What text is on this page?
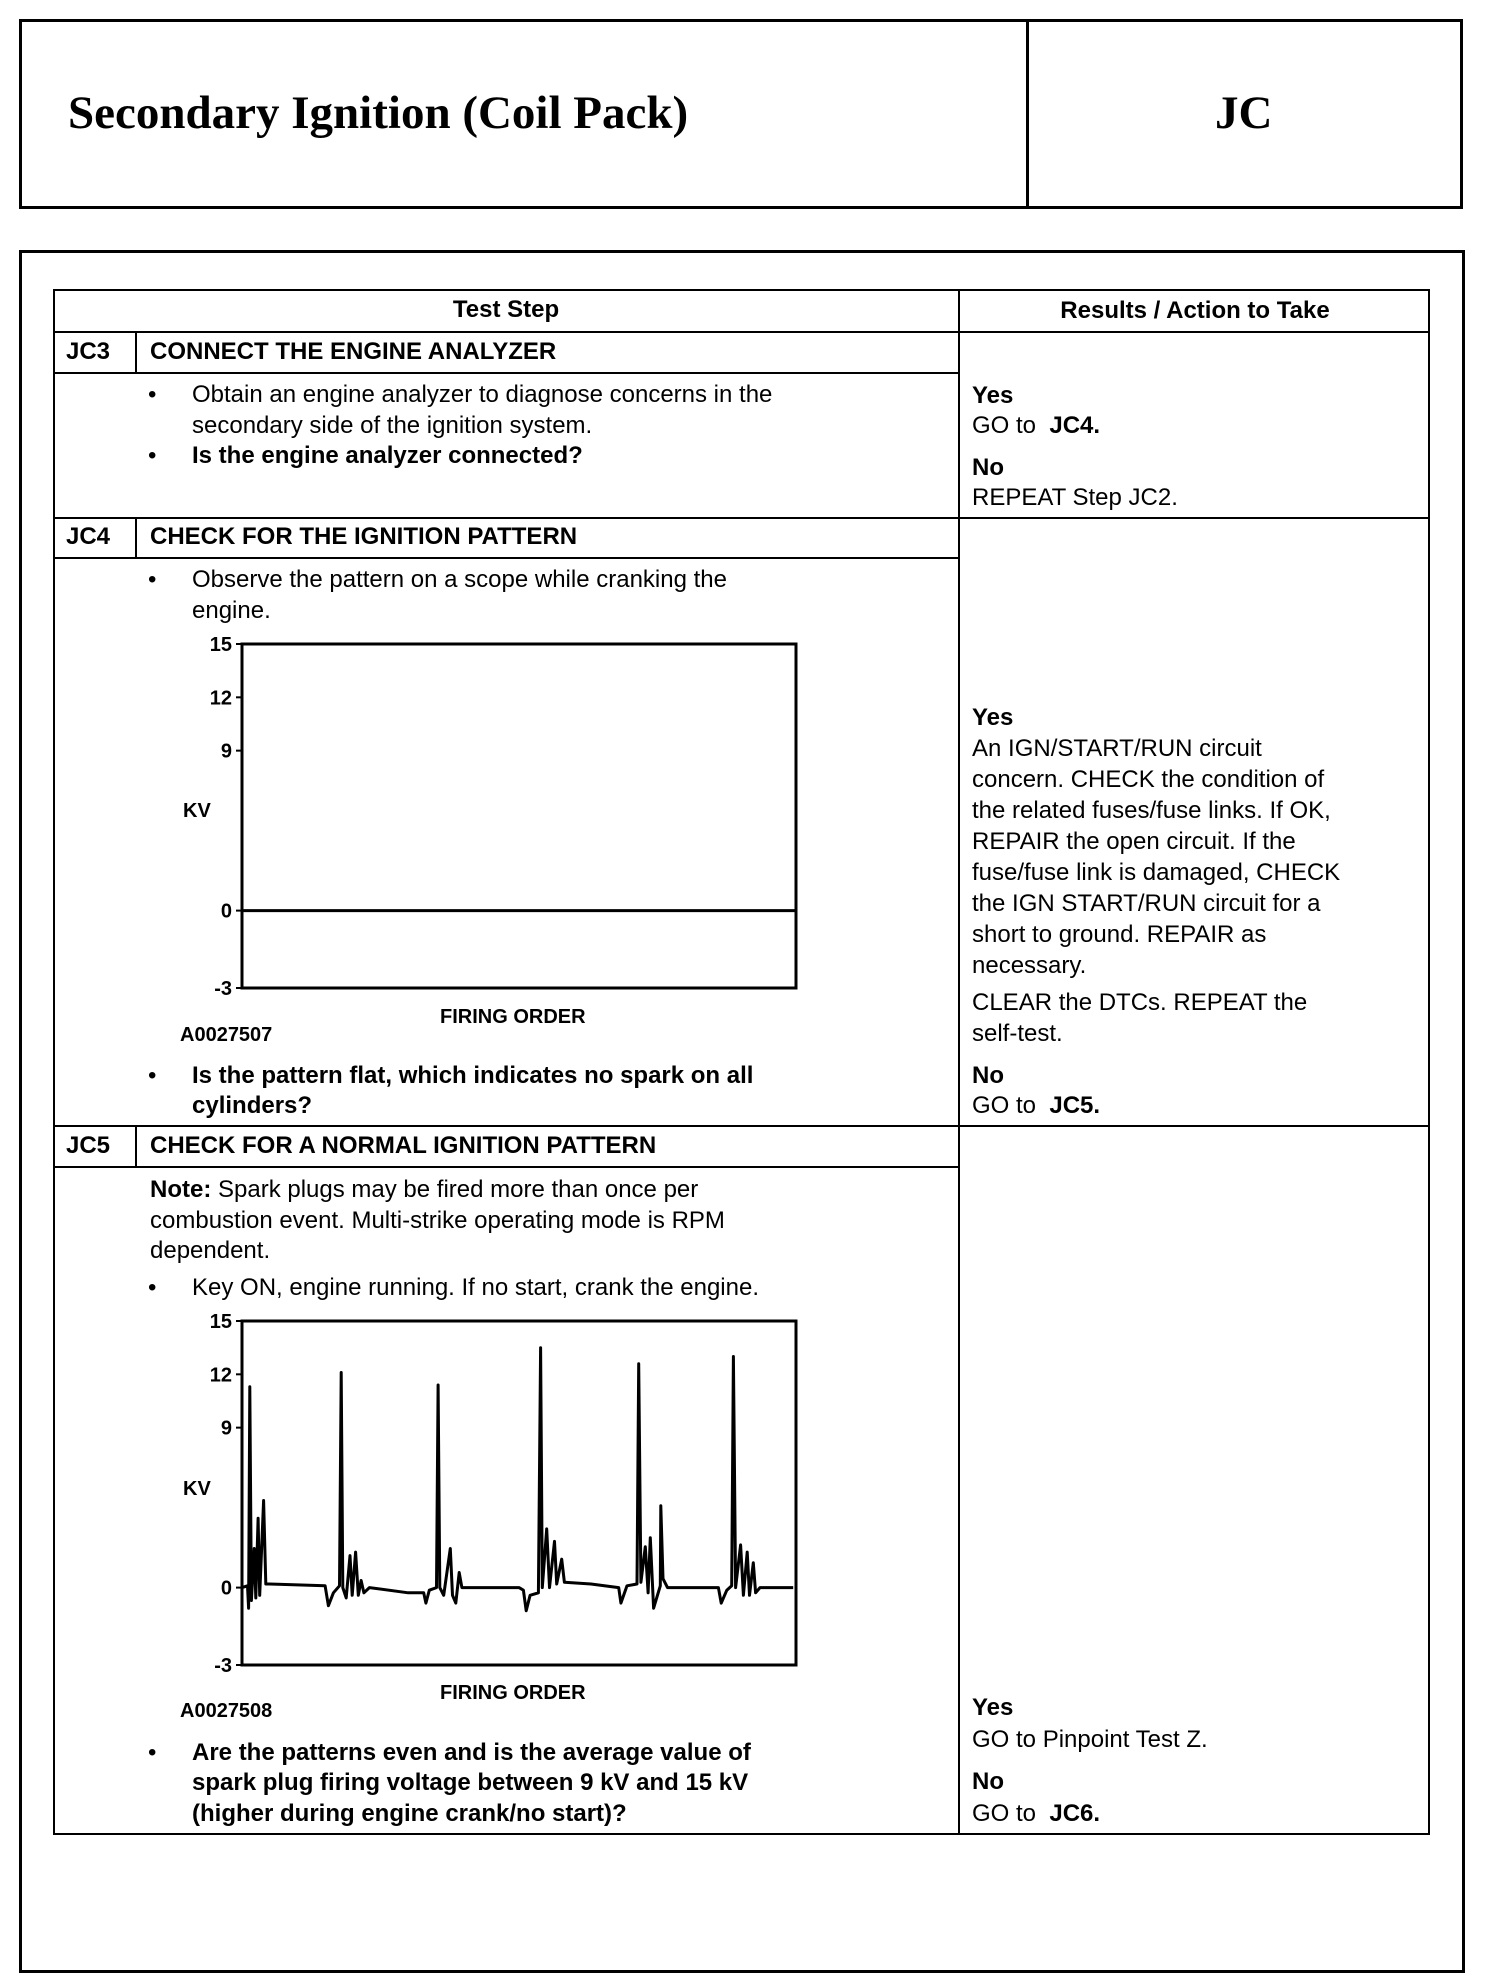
Secondary Ignition (Coil Pack)	JC
Test Step	Results / Action to Take
JC3 CONNECT THE ENGINE ANALYZER
• Obtain an engine analyzer to diagnose concerns in the
secondary side of the ignition system.
• Is the engine analyzer connected?
Yes
GO to JC4.
No
REPEAT Step JC2.
JC4 CHECK FOR THE IGNITION PATTERN
• Observe the pattern on a scope while cranking the
engine.
15
12
9
0
-3
KV
FIRING ORDER
A0027507
• Is the pattern flat, which indicates no spark on all
cylinders?
Yes
An IGN/START/RUN circuit
concern. CHECK the condition of
the related fuses/fuse links. If OK,
REPAIR the open circuit. If the
fuse/fuse link is damaged, CHECK
the IGN START/RUN circuit for a
short to ground. REPAIR as
necessary.
CLEAR the DTCs. REPEAT the
self-test.
No
GO to JC5.
JC5 CHECK FOR A NORMAL IGNITION PATTERN
Note: Spark plugs may be fired more than once per
combustion event. Multi-strike operating mode is RPM
dependent.
• Key ON, engine running. If no start, crank the engine.
15
12
9
0
-3
KV
FIRING ORDER
A0027508
• Are the patterns even and is the average value of
spark plug firing voltage between 9 kV and 15 kV
(higher during engine crank/no start)?
Yes
GO to Pinpoint Test Z.
No
GO to JC6.
